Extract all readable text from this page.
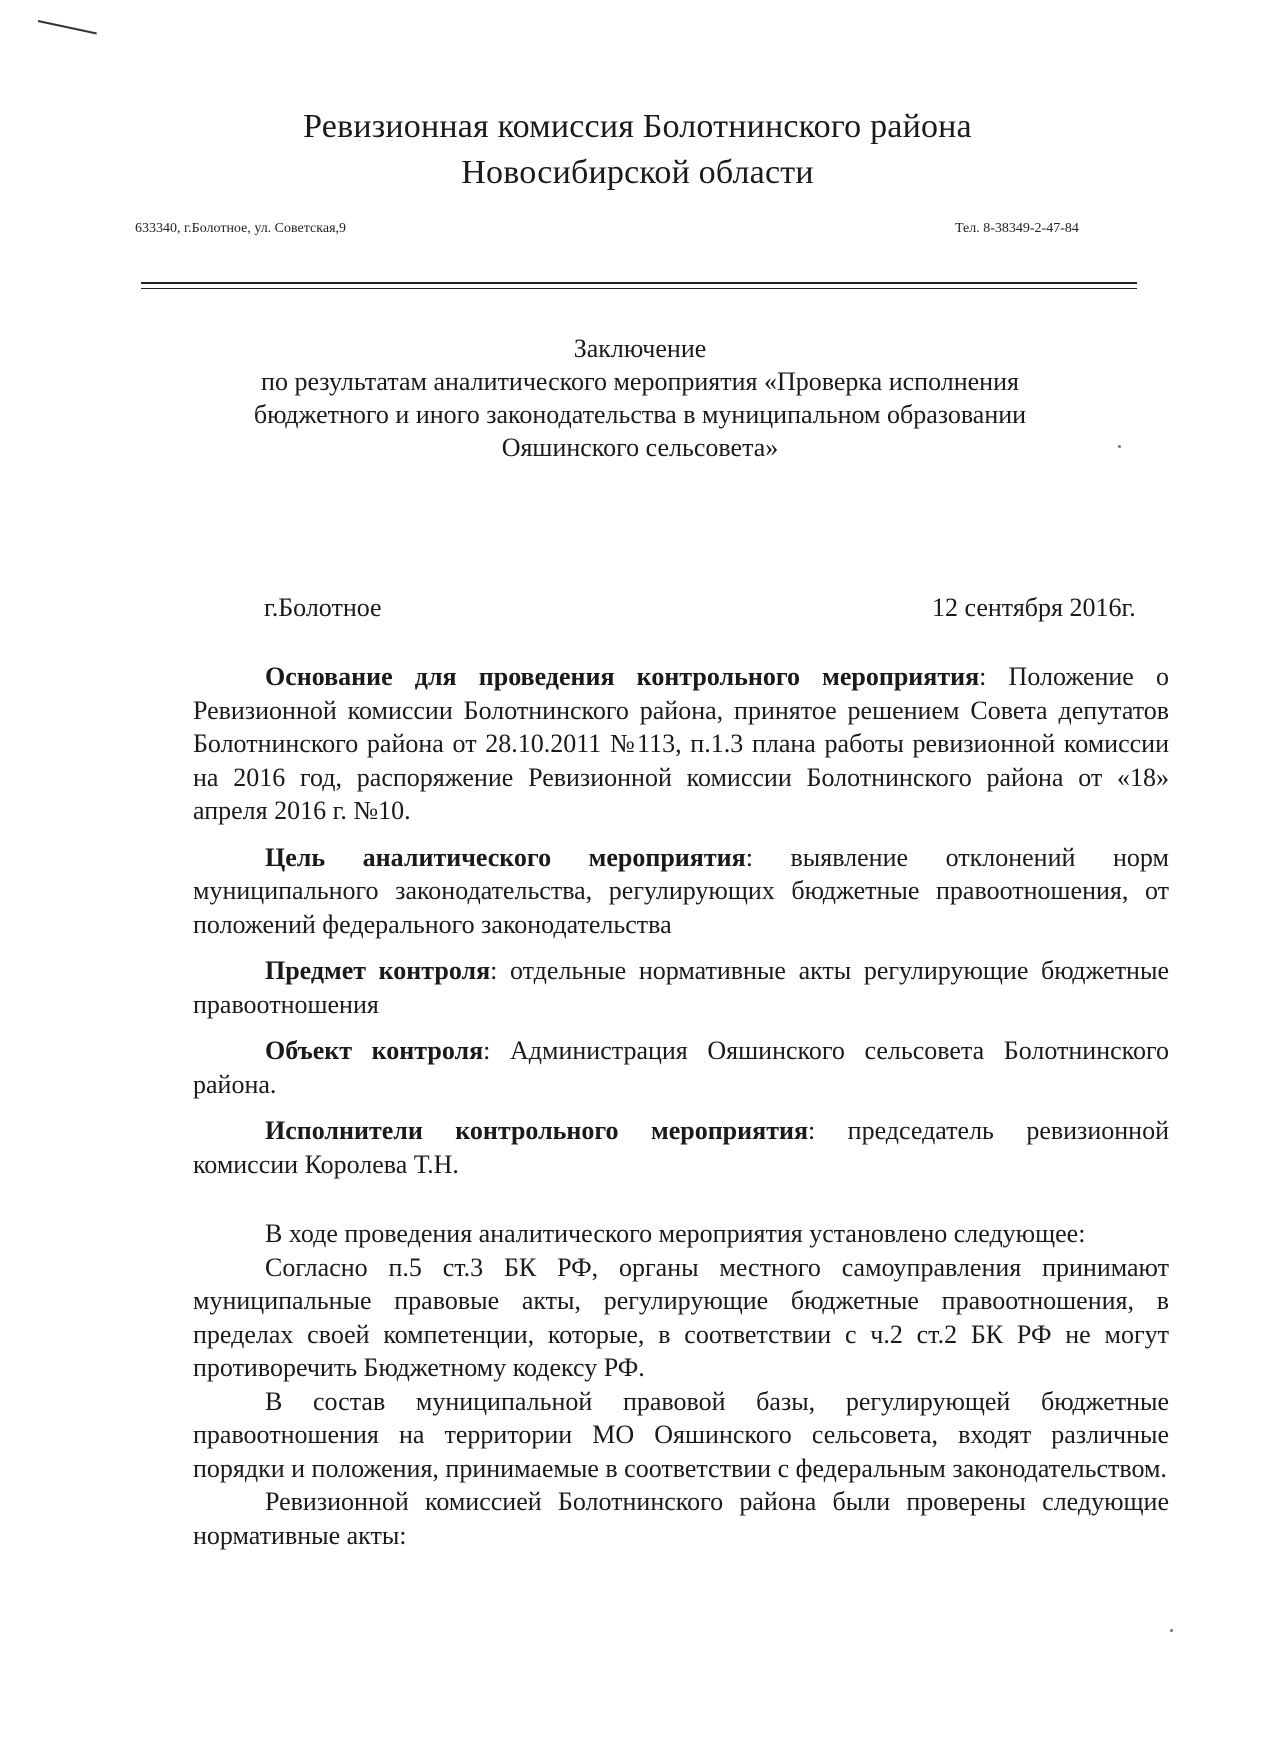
Ревизионная комиссия Болотнинского района
Новосибирской области
633340, г.Болотное, ул. Советская,9	Тел. 8-38349-2-47-84
Заключение
по результатам аналитического мероприятия «Проверка исполнения
бюджетного и иного законодательства в муниципальном образовании
Ояшинского сельсовета»
г.Болотное	12 сентября 2016г.

Основание для проведения контрольного мероприятия: Положение о Ревизионной комиссии Болотнинского района, принятое решением Совета депутатов Болотнинского района от 28.10.2011 №113, п.1.3 плана работы ревизионной комиссии на 2016 год, распоряжение Ревизионной комиссии Болотнинского района от «18» апреля 2016 г. №10.

Цель аналитического мероприятия: выявление отклонений норм муниципального законодательства, регулирующих бюджетные правоотношения, от положений федерального законодательства

Предмет контроля: отдельные нормативные акты регулирующие бюджетные правоотношения

Объект контроля: Администрация Ояшинского сельсовета Болотнинского района.

Исполнители контрольного мероприятия: председатель ревизионной комиссии Королева Т.Н.

В ходе проведения аналитического мероприятия установлено следующее:

Согласно п.5 ст.3 БК РФ, органы местного самоуправления принимают муниципальные правовые акты, регулирующие бюджетные правоотношения, в пределах своей компетенции, которые, в соответствии с ч.2 ст.2 БК РФ не могут противоречить Бюджетному кодексу РФ.

В состав муниципальной правовой базы, регулирующей бюджетные правоотношения на территории МО Ояшинского сельсовета, входят различные порядки и положения, принимаемые в соответствии с федеральным законодательством.

Ревизионной комиссией Болотнинского района были проверены следующие нормативные акты:
